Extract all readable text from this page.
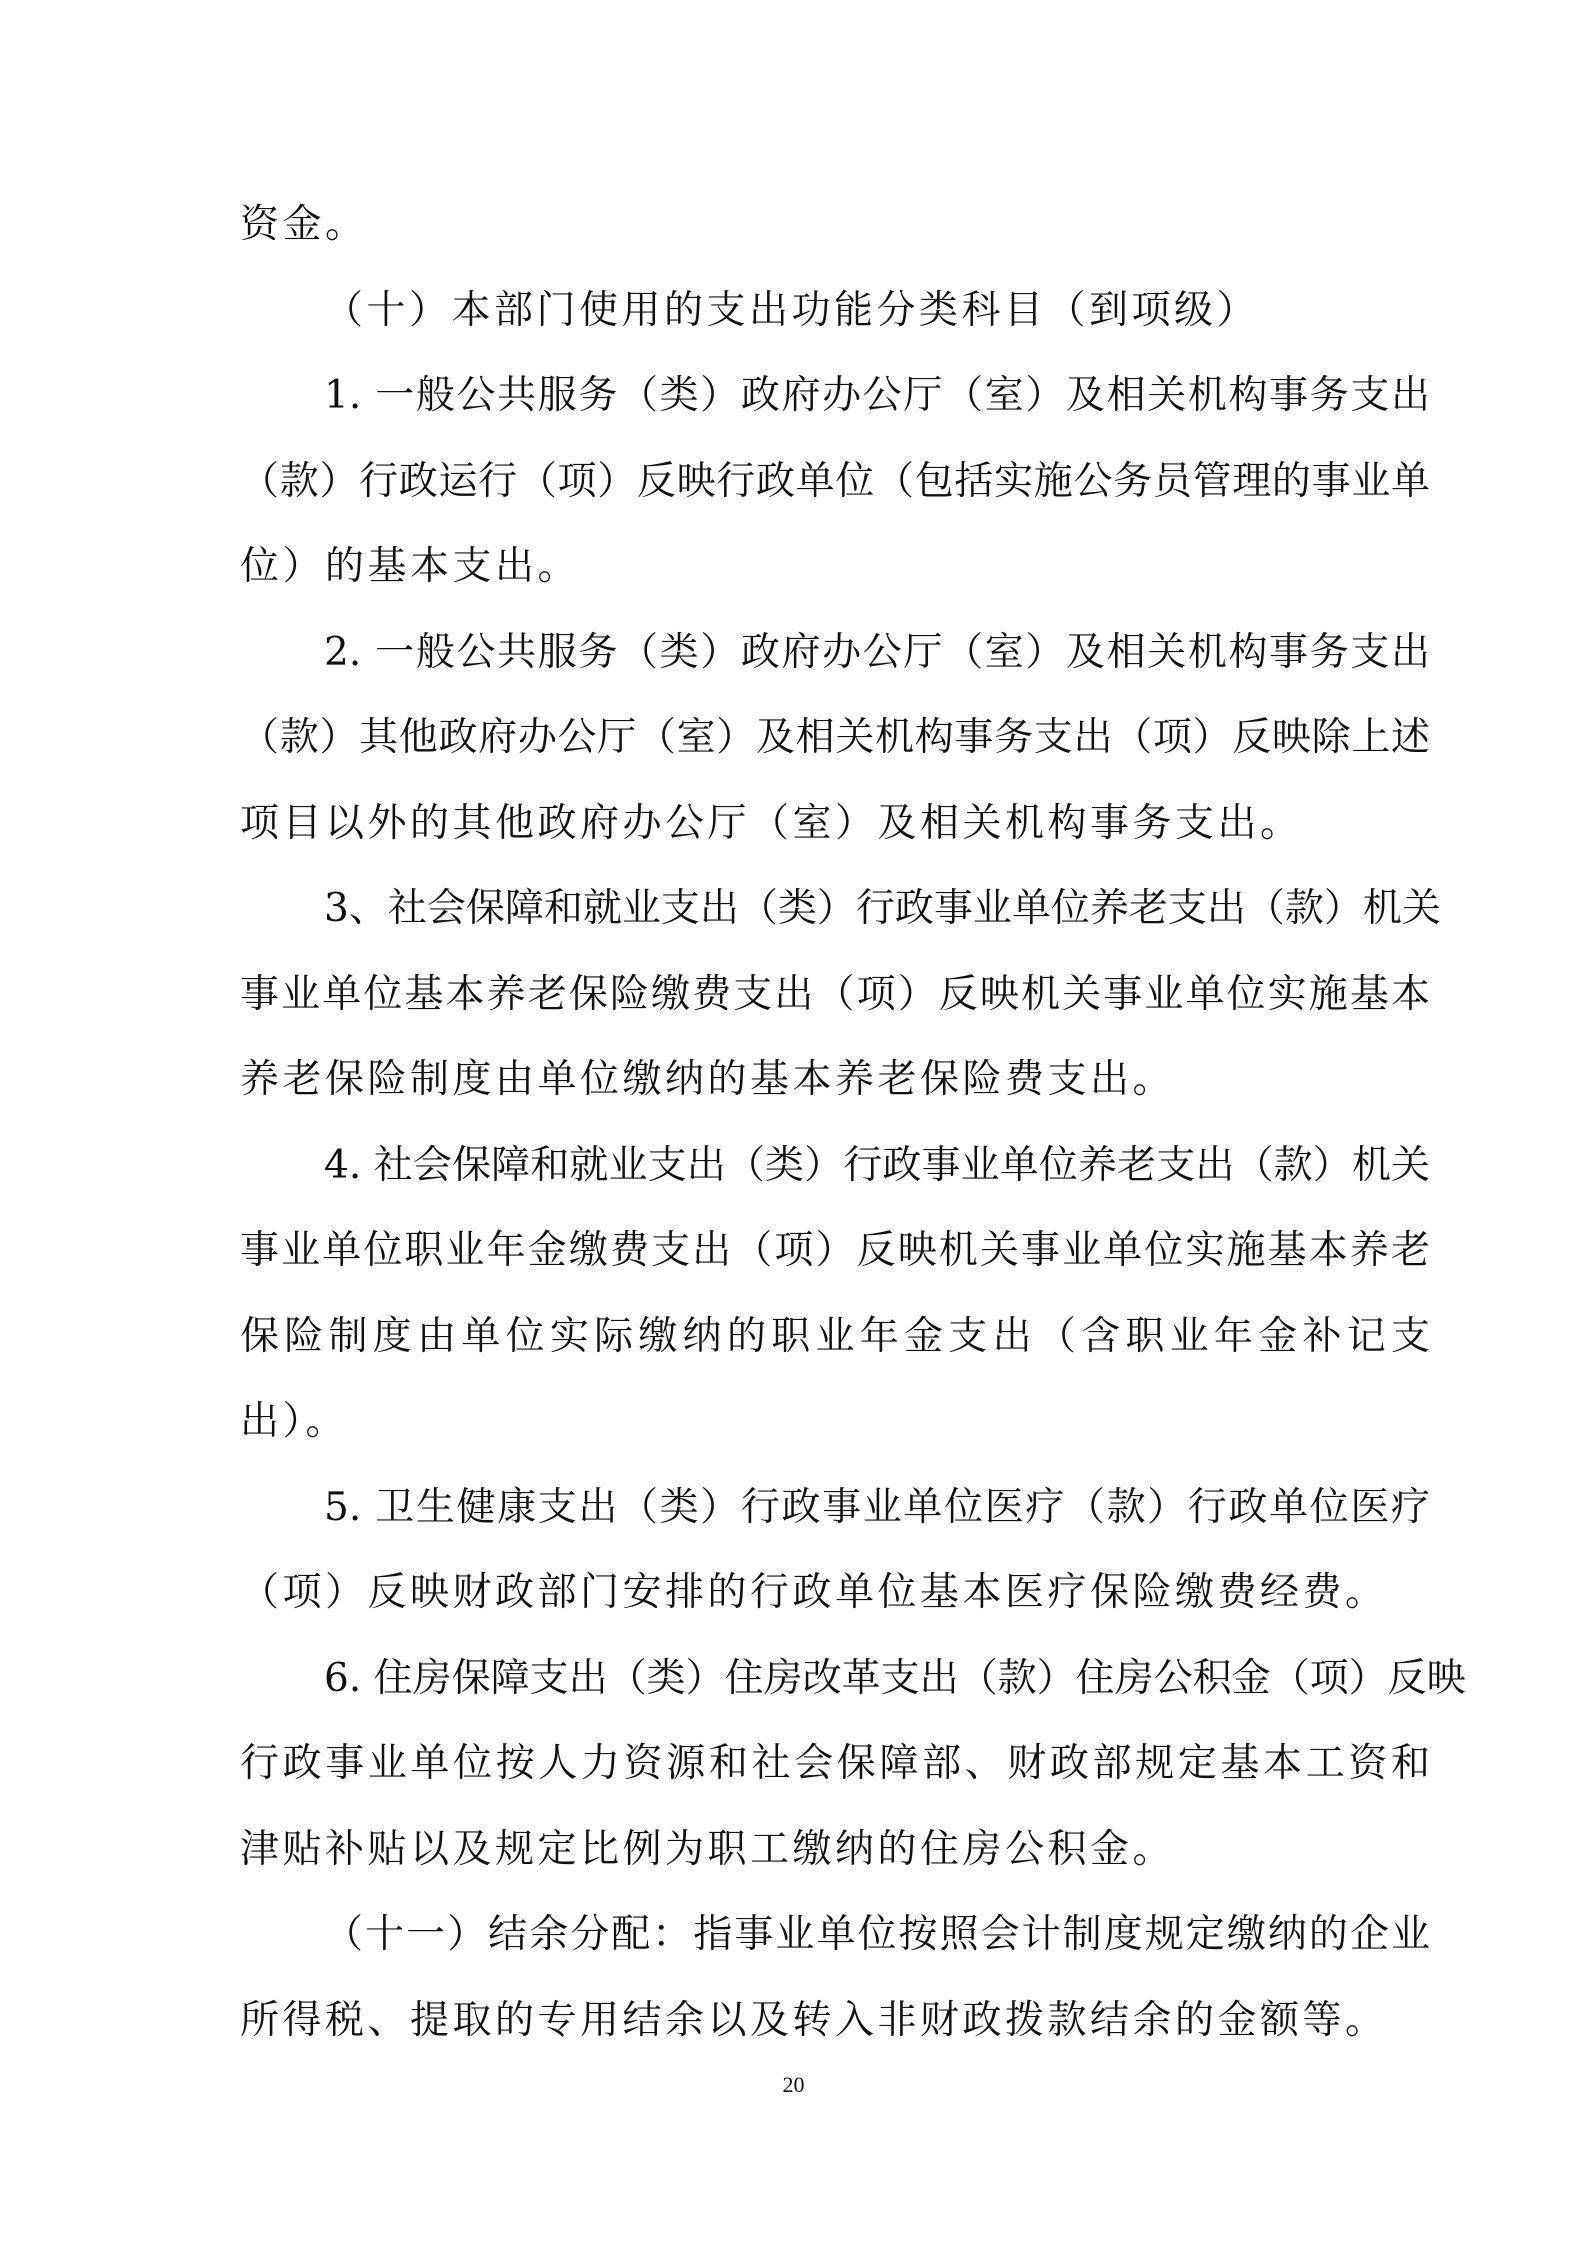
资金。
（十）本部门使用的支出功能分类科目（到项级）
1. 一般公共服务（类）政府办公厅（室）及相关机构事务支出
（款）行政运行（项）反映行政单位（包括实施公务员管理的事业单
位）的基本支出。
2. 一般公共服务（类）政府办公厅（室）及相关机构事务支出
（款）其他政府办公厅（室）及相关机构事务支出（项）反映除上述
项目以外的其他政府办公厅（室）及相关机构事务支出。
3、社会保障和就业支出（类）行政事业单位养老支出（款）机关
事业单位基本养老保险缴费支出（项）反映机关事业单位实施基本
养老保险制度由单位缴纳的基本养老保险费支出。
4. 社会保障和就业支出（类）行政事业单位养老支出（款）机关
事业单位职业年金缴费支出（项）反映机关事业单位实施基本养老
保险制度由单位实际缴纳的职业年金支出（含职业年金补记支
出）。
5. 卫生健康支出（类）行政事业单位医疗（款）行政单位医疗
（项）反映财政部门安排的行政单位基本医疗保险缴费经费。
6. 住房保障支出（类）住房改革支出（款）住房公积金（项）反映
行政事业单位按人力资源和社会保障部、财政部规定基本工资和
津贴补贴以及规定比例为职工缴纳的住房公积金。
（十一）结余分配：指事业单位按照会计制度规定缴纳的企业
所得税、提取的专用结余以及转入非财政拨款结余的金额等。
20
